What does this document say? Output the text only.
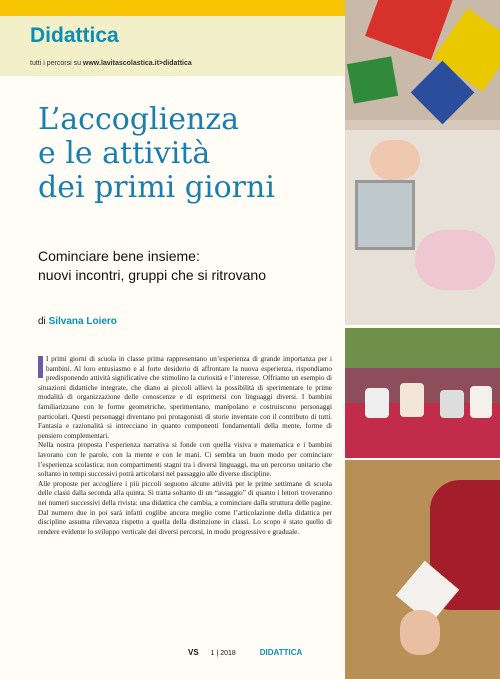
Didattica
tutti i percorsi su www.lavitascolastica.it>didattica
L’accoglienza
e le attività
dei primi giorni
Cominciare bene insieme:
nuovi incontri, gruppi che si ritrovano
di Silvana Loiero

I primi giorni di scuola in classe prima rappresentano un’esperienza di grande importanza per i bambini. Al loro entusiasmo e al forte desiderio di affrontare la nuova esperienza, rispondiamo predisponendo attività significative che stimolino la curiosità e l’interesse. Offriamo un esempio di situazioni didattiche integrate, che diano ai piccoli allievi la possibilità di sperimentare le prime modalità di organizzazione delle conoscenze e di esprimersi con linguaggi diversi. I bambini familiarizzano con le forme geometriche, sperimentano, manipolano e costruiscono personaggi particolari. Questi personaggi diventano poi protagonisti di storie inventate con il contributo di tutti. Fantasia e razionalità si intrecciano in quanto componenti fondamentali della mente, forme di pensiero complementari.

Nella nostra proposta l’esperienza narrativa si fonde con quella visiva e matematica e i bambini lavorano con le parole, con la mente e con le mani. Ci sembra un buon modo per cominciare l’esperienza scolastica: non compartimenti stagni tra i diversi linguaggi, ma un percorso unitario che soltanto in tempi successivi potrà articolarsi nel passaggio alle diverse discipline.

Alle proposte per accogliere i più piccoli seguono alcune attività per le prime settimane di scuola delle classi dalla seconda alla quinta. Si tratta soltanto di un “assaggio” di quanto i lettori troveranno nei numeri successivi della rivista: una didattica che cambia, a cominciare dalla struttura delle pagine. Dal numero due in poi sarà infatti coglibe ancora meglio come l’articolazione della didattica per discipline assuma rilevanza rispetto a quella della distinzione in classi. Lo scopo è stato quello di rendere evidente lo sviluppo verticale dei diversi percorsi, in modo progressivo e graduale.

VS 1 | 2018	DIDATTICA
